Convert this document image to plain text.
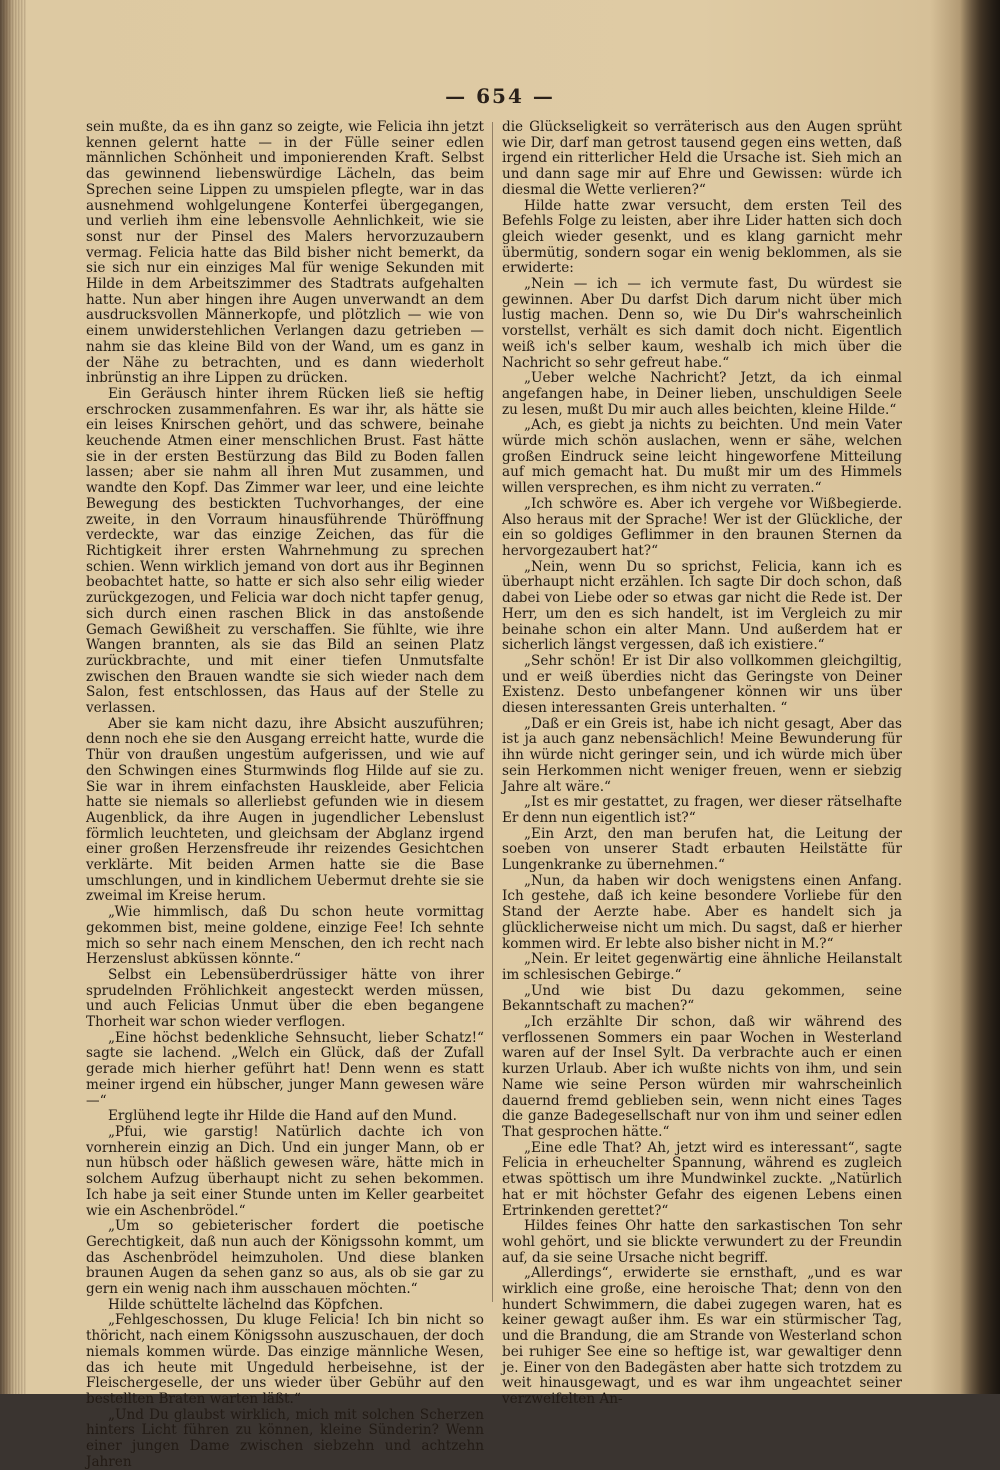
— 654 —

sein mußte, da es ihn ganz so zeigte, wie Felicia ihn jetzt kennen gelernt hatte — in der Fülle seiner edlen männlichen Schönheit und imponierenden Kraft. Selbst das gewinnend liebenswürdige Lächeln, das beim Sprechen seine Lippen zu umspielen pflegte, war in das ausnehmend wohlgelungene Konterfei übergegangen, und verlieh ihm eine lebensvolle Aehnlichkeit, wie sie sonst nur der Pinsel des Malers hervorzuzaubern vermag. Felicia hatte das Bild bisher nicht bemerkt, da sie sich nur ein einziges Mal für wenige Sekunden mit Hilde in dem Arbeitszimmer des Stadtrats aufgehalten hatte. Nun aber hingen ihre Augen unverwandt an dem ausdrucksvollen Männerkopfe, und plötzlich — wie von einem unwiderstehlichen Verlangen dazu getrieben — nahm sie das kleine Bild von der Wand, um es ganz in der Nähe zu betrachten, und es dann wiederholt inbrünstig an ihre Lippen zu drücken.

Ein Geräusch hinter ihrem Rücken ließ sie heftig erschrocken zusammenfahren. Es war ihr, als hätte sie ein leises Knirschen gehört, und das schwere, beinahe keuchende Atmen einer menschlichen Brust. Fast hätte sie in der ersten Bestürzung das Bild zu Boden fallen lassen; aber sie nahm all ihren Mut zusammen, und wandte den Kopf. Das Zimmer war leer, und eine leichte Bewegung des bestickten Tuchvorhanges, der eine zweite, in den Vorraum hinausführende Thüröffnung verdeckte, war das einzige Zeichen, das für die Richtigkeit ihrer ersten Wahrnehmung zu sprechen schien. Wenn wirklich jemand von dort aus ihr Beginnen beobachtet hatte, so hatte er sich also sehr eilig wieder zurückgezogen, und Felicia war doch nicht tapfer genug, sich durch einen raschen Blick in das anstoßende Gemach Gewißheit zu verschaffen. Sie fühlte, wie ihre Wangen brannten, als sie das Bild an seinen Platz zurückbrachte, und mit einer tiefen Unmutsfalte zwischen den Brauen wandte sie sich wieder nach dem Salon, fest entschlossen, das Haus auf der Stelle zu verlassen.

Aber sie kam nicht dazu, ihre Absicht auszuführen; denn noch ehe sie den Ausgang erreicht hatte, wurde die Thür von draußen ungestüm aufgerissen, und wie auf den Schwingen eines Sturmwinds flog Hilde auf sie zu. Sie war in ihrem einfachsten Hauskleide, aber Felicia hatte sie niemals so allerliebst gefunden wie in diesem Augenblick, da ihre Augen in jugendlicher Lebenslust förmlich leuchteten, und gleichsam der Abglanz irgend einer großen Herzensfreude ihr reizendes Gesichtchen verklärte. Mit beiden Armen hatte sie die Base umschlungen, und in kindlichem Uebermut drehte sie sie zweimal im Kreise herum.

„Wie himmlisch, daß Du schon heute vormittag gekommen bist, meine goldene, einzige Fee! Ich sehnte mich so sehr nach einem Menschen, den ich recht nach Herzenslust abküssen könnte.“

Selbst ein Lebensüberdrüssiger hätte von ihrer sprudelnden Fröhlichkeit angesteckt werden müssen, und auch Felicias Unmut über die eben begangene Thorheit war schon wieder verflogen.

„Eine höchst bedenkliche Sehnsucht, lieber Schatz!“ sagte sie lachend. „Welch ein Glück, daß der Zufall gerade mich hierher geführt hat! Denn wenn es statt meiner irgend ein hübscher, junger Mann gewesen wäre —“

Erglühend legte ihr Hilde die Hand auf den Mund.

„Pfui, wie garstig! Natürlich dachte ich von vornherein einzig an Dich. Und ein junger Mann, ob er nun hübsch oder häßlich gewesen wäre, hätte mich in solchem Aufzug überhaupt nicht zu sehen bekommen. Ich habe ja seit einer Stunde unten im Keller gearbeitet wie ein Aschenbrödel.“

„Um so gebieterischer fordert die poetische Gerechtigkeit, daß nun auch der Königssohn kommt, um das Aschenbrödel heimzuholen. Und diese blanken braunen Augen da sehen ganz so aus, als ob sie gar zu gern ein wenig nach ihm ausschauen möchten.“

Hilde schüttelte lächelnd das Köpfchen.

„Fehlgeschossen, Du kluge Felicia! Ich bin nicht so thöricht, nach einem Königssohn auszuschauen, der doch niemals kommen würde. Das einzige männliche Wesen, das ich heute mit Ungeduld herbeisehne, ist der Fleischergeselle, der uns wieder über Gebühr auf den bestellten Braten warten läßt.“

„Und Du glaubst wirklich, mich mit solchen Scherzen hinters Licht führen zu können, kleine Sünderin? Wenn einer jungen Dame zwischen siebzehn und achtzehn Jahren

die Glückseligkeit so verräterisch aus den Augen sprüht wie Dir, darf man getrost tausend gegen eins wetten, daß irgend ein ritterlicher Held die Ursache ist. Sieh mich an und dann sage mir auf Ehre und Gewissen: würde ich diesmal die Wette verlieren?“

Hilde hatte zwar versucht, dem ersten Teil des Befehls Folge zu leisten, aber ihre Lider hatten sich doch gleich wieder gesenkt, und es klang garnicht mehr übermütig, sondern sogar ein wenig beklommen, als sie erwiderte:

„Nein — ich — ich vermute fast, Du würdest sie gewinnen. Aber Du darfst Dich darum nicht über mich lustig machen. Denn so, wie Du Dir's wahrscheinlich vorstellst, verhält es sich damit doch nicht. Eigentlich weiß ich's selber kaum, weshalb ich mich über die Nachricht so sehr gefreut habe.“

„Ueber welche Nachricht? Jetzt, da ich einmal angefangen habe, in Deiner lieben, unschuldigen Seele zu lesen, mußt Du mir auch alles beichten, kleine Hilde.“

„Ach, es giebt ja nichts zu beichten. Und mein Vater würde mich schön auslachen, wenn er sähe, welchen großen Eindruck seine leicht hingeworfene Mitteilung auf mich gemacht hat. Du mußt mir um des Himmels willen versprechen, es ihm nicht zu verraten.“

„Ich schwöre es. Aber ich vergehe vor Wißbegierde. Also heraus mit der Sprache! Wer ist der Glückliche, der ein so goldiges Geflimmer in den braunen Sternen da hervorgezaubert hat?“

„Nein, wenn Du so sprichst, Felicia, kann ich es überhaupt nicht erzählen. Ich sagte Dir doch schon, daß dabei von Liebe oder so etwas gar nicht die Rede ist. Der Herr, um den es sich handelt, ist im Vergleich zu mir beinahe schon ein alter Mann. Und außerdem hat er sicherlich längst vergessen, daß ich existiere.“

„Sehr schön! Er ist Dir also vollkommen gleichgiltig, und er weiß überdies nicht das Geringste von Deiner Existenz. Desto unbefangener können wir uns über diesen interessanten Greis unterhalten. “

„Daß er ein Greis ist, habe ich nicht gesagt, Aber das ist ja auch ganz nebensächlich! Meine Bewunderung für ihn würde nicht geringer sein, und ich würde mich über sein Herkommen nicht weniger freuen, wenn er siebzig Jahre alt wäre.“

„Ist es mir gestattet, zu fragen, wer dieser rätselhafte Er denn nun eigentlich ist?“

„Ein Arzt, den man berufen hat, die Leitung der soeben von unserer Stadt erbauten Heilstätte für Lungenkranke zu übernehmen.“

„Nun, da haben wir doch wenigstens einen Anfang. Ich gestehe, daß ich keine besondere Vorliebe für den Stand der Aerzte habe. Aber es handelt sich ja glücklicherweise nicht um mich. Du sagst, daß er hierher kommen wird. Er lebte also bisher nicht in M.?“

„Nein. Er leitet gegenwärtig eine ähnliche Heilanstalt im schlesischen Gebirge.“

„Und wie bist Du dazu gekommen, seine Bekanntschaft zu machen?“

„Ich erzählte Dir schon, daß wir während des verflossenen Sommers ein paar Wochen in Westerland waren auf der Insel Sylt. Da verbrachte auch er einen kurzen Urlaub. Aber ich wußte nichts von ihm, und sein Name wie seine Person würden mir wahrscheinlich dauernd fremd geblieben sein, wenn nicht eines Tages die ganze Badegesellschaft nur von ihm und seiner edlen That gesprochen hätte.“

„Eine edle That? Ah, jetzt wird es interessant“, sagte Felicia in erheuchelter Spannung, während es zugleich etwas spöttisch um ihre Mundwinkel zuckte. „Natürlich hat er mit höchster Gefahr des eigenen Lebens einen Ertrinkenden gerettet?“

Hildes feines Ohr hatte den sarkastischen Ton sehr wohl gehört, und sie blickte verwundert zu der Freundin auf, da sie seine Ursache nicht begriff.

„Allerdings“, erwiderte sie ernsthaft, „und es war wirklich eine große, eine heroische That; denn von den hundert Schwimmern, die dabei zugegen waren, hat es keiner gewagt außer ihm. Es war ein stürmischer Tag, und die Brandung, die am Strande von Westerland schon bei ruhiger See eine so heftige ist, war gewaltiger denn je. Einer von den Badegästen aber hatte sich trotzdem zu weit hinausgewagt, und es war ihm ungeachtet seiner verzweifelten An-
